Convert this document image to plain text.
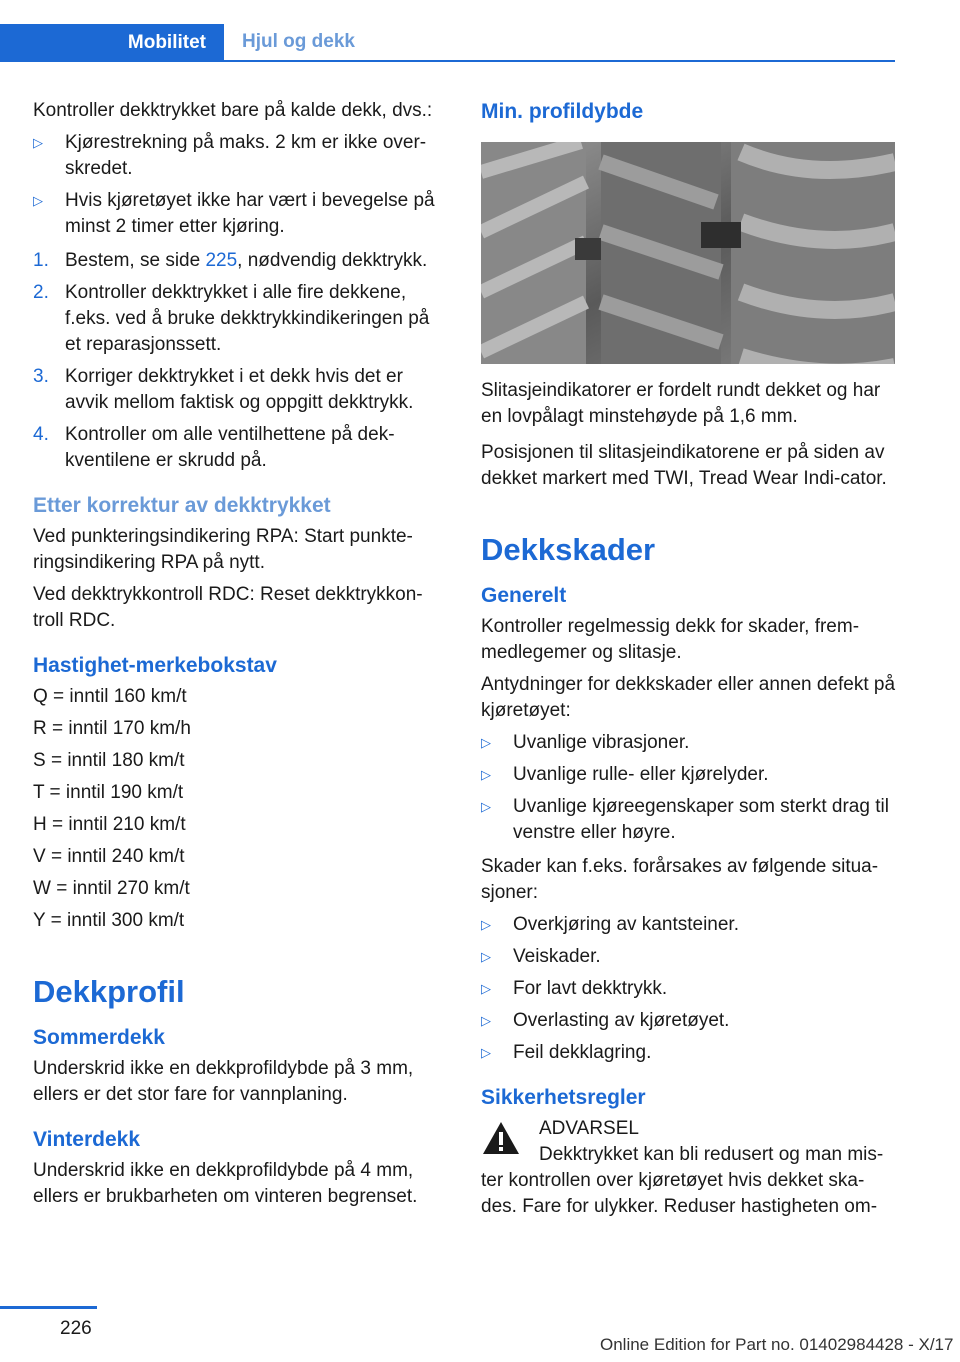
Mobilitet	Hjul og dekk

Kontroller dekktrykket bare på kalde dekk, dvs.:

▷ Kjørestrekning på maks. 2 km er ikke over-skredet.
▷ Hvis kjøretøyet ikke har vært i bevegelse på minst 2 timer etter kjøring.
1. Bestem, se side 225, nødvendig dekktrykk.
2. Kontroller dekktrykket i alle fire dekkene, f.eks. ved å bruke dekktrykkindikeringen på et reparasjonssett.
3. Korriger dekktrykket i et dekk hvis det er avvik mellom faktisk og oppgitt dekktrykk.
4. Kontroller om alle ventilhettene på dek-kventilene er skrudd på.
Etter korrektur av dekktrykket

Ved punkteringsindikering RPA: Start punkte-ringsindikering RPA på nytt.

Ved dekktrykkontroll RDC: Reset dekktrykkon-troll RDC.

Hastighet-merkebokstav

Q = inntil 160 km/t

R = inntil 170 km/h

S = inntil 180 km/t

T = inntil 190 km/t

H = inntil 210 km/t

V = inntil 240 km/t

W = inntil 270 km/t

Y = inntil 300 km/t

Dekkprofil
Sommerdekk

Underskrid ikke en dekkprofildybde på 3 mm, ellers er det stor fare for vannplaning.

Vinterdekk

Underskrid ikke en dekkprofildybde på 4 mm, ellers er brukbarheten om vinteren begrenset.

Min. profildybde

Slitasjeindikatorer er fordelt rundt dekket og har en lovpålagt minstehøyde på 1,6 mm.

Posisjonen til slitasjeindikatorene er på siden av dekket markert med TWI, Tread Wear Indi-cator.

Dekkskader
Generelt

Kontroller regelmessig dekk for skader, frem-medlegemer og slitasje.

Antydninger for dekkskader eller annen defekt på kjøretøyet:

▷ Uvanlige vibrasjoner.
▷ Uvanlige rulle- eller kjørelyder.
▷ Uvanlige kjøreegenskaper som sterkt drag til venstre eller høyre.

Skader kan f.eks. forårsakes av følgende situa-sjoner:

▷ Overkjøring av kantsteiner.
▷ Veiskader.
▷ For lavt dekktrykk.
▷ Overlasting av kjøretøyet.
▷ Feil dekklagring.
Sikkerhetsregler
ADVARSEL

Dekktrykket kan bli redusert og man mis-ter kontrollen over kjøretøyet hvis dekket ska-des. Fare for ulykker. Reduser hastigheten om-

226
Online Edition for Part no. 01402984428 - X/17
